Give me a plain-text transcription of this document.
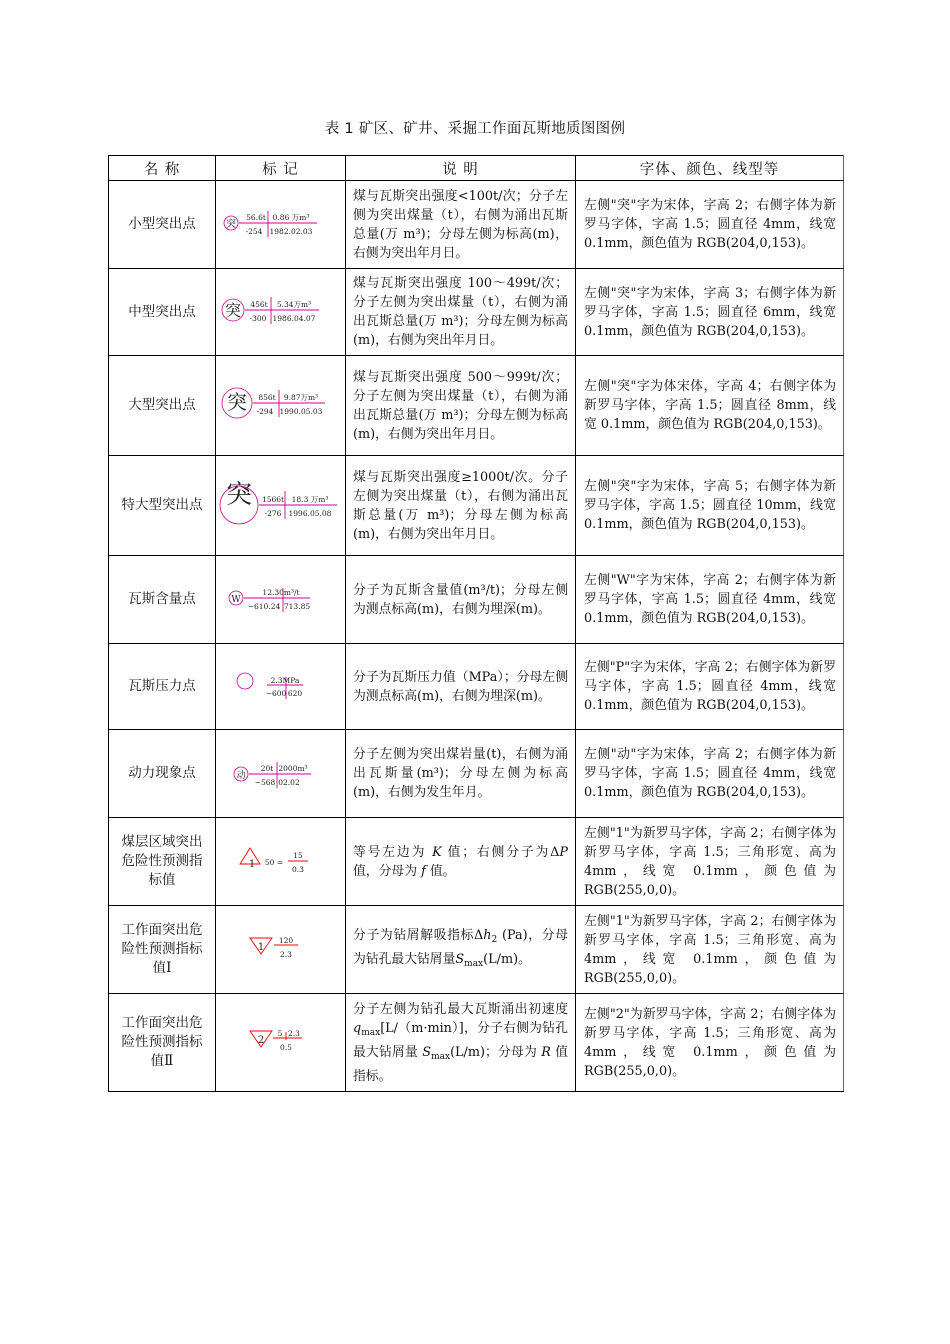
表 1 矿区、矿井、采掘工作面瓦斯地质图图例
名 称	标 记	说 明	字体、颜色、线型等
小型突出点	突
56.6t 0.86 万m³
-254 1982.02.03	煤与瓦斯突出强度<100t/次；分子左侧为突出煤量（t），右侧为涌出瓦斯总量(万 m³)；分母左侧为标高(m)，右侧为突出年月日。	左侧"突"字为宋体，字高 2；右侧字体为新罗马字体，字高 1.5；圆直径 4mm，线宽 0.1mm，颜色值为 RGB(204,0,153)。
中型突出点	突 456t 5.34万m³
-300 1986.04.07	煤与瓦斯突出强度 100～499t/次；分子左侧为突出煤量（t），右侧为涌出瓦斯总量(万 m³)；分母左侧为标高(m)，右侧为突出年月日。	左侧"突"字为宋体，字高 3；右侧字体为新罗马字体，字高 1.5；圆直径 6mm，线宽 0.1mm，颜色值为 RGB(204,0,153)。
大型突出点	突 856t 9.87万m³
-294 1990.05.03	煤与瓦斯突出强度 500～999t/次；分子左侧为突出煤量（t），右侧为涌出瓦斯总量(万 m³)；分母左侧为标高(m)，右侧为突出年月日。	左侧"突"字为体宋体，字高 4；右侧字体为新罗马字体，字高 1.5；圆直径 8mm，线宽 0.1mm，颜色值为 RGB(204,0,153)。
特大型突出点	突 1566t 18.3 万m³
-276 1996.05.08	煤与瓦斯突出强度≥1000t/次。分子左侧为突出煤量（t），右侧为涌出瓦斯总量(万 m³)；分母左侧为标高(m)，右侧为突出年月日。	左侧"突"字为宋体，字高 5；右侧字体为新罗马字体，字高 1.5；圆直径 10mm，线宽 0.1mm，颜色值为 RGB(204,0,153)。
瓦斯含量点	W
12.30m³/t
−610.24 713.85	分子为瓦斯含量值(m³/t)；分母左侧为测点标高(m)，右侧为埋深(m)。	左侧"W"字为宋体，字高 2；右侧字体为新罗马字体，字高 1.5；圆直径 4mm，线宽 0.1mm，颜色值为 RGB(204,0,153)。
瓦斯压力点	2.3MPa
−600 620	分子为瓦斯压力值（MPa）；分母左侧为测点标高(m)，右侧为埋深(m)。	左侧"P"字为宋体，字高 2；右侧字体为新罗马字体，字高 1.5；圆直径 4mm，线宽 0.1mm，颜色值为 RGB(204,0,153)。
动力现象点	动
20t 2000m³
−568 02.02	分子左侧为突出煤岩量(t)，右侧为涌出瓦斯量(m³)；分母左侧为标高(m)，右侧为发生年月。	左侧"动"字为宋体，字高 2；右侧字体为新罗马字体，字高 1.5；圆直径 4mm，线宽 0.1mm，颜色值为 RGB(204,0,153)。
煤层区域突出危险性预测指标值	1 50 =
15
0.3	等号左边为 K 值；右侧分子为ΔP 值，分母为 f 值。	左侧"1"为新罗马字体，字高 2；右侧字体为新罗马字体，字高 1.5；三角形宽、高为 4mm，线宽 0.1mm，颜色值为 RGB(255,0,0)。
工作面突出危险性预测指标值Ⅰ	1
120
2.3	分子为钻屑解吸指标$\Delta h_2$ (Pa)，分母为钻孔最大钻屑量$S_{max}(L/m)$。	左侧"1"为新罗马字体，字高 2；右侧字体为新罗马字体，字高 1.5；三角形宽、高为 4mm，线宽 0.1mm，颜色值为 RGB(255,0,0)。
工作面突出危险性预测指标值Ⅱ	2
5 2.3
0.5	分子左侧为钻孔最大瓦斯涌出初速度 $q_{max}[L/(m\cdot\min)]$，分子右侧为钻孔最大钻屑量 $S_{max}(L/m)$；分母为 R 值指标。	左侧"2"为新罗马字体，字高 2；右侧字体为新罗马字体，字高 1.5；三角形宽、高为 4mm，线宽 0.1mm，颜色值为 RGB(255,0,0)。
